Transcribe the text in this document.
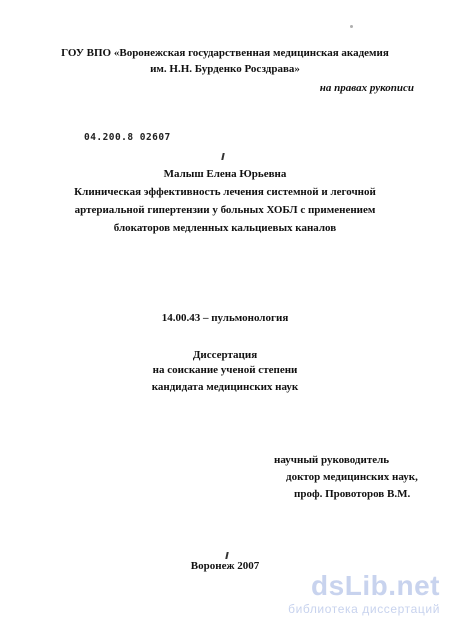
ГОУ ВПО «Воронежская государственная медицинская академия
им. Н.Н. Бурденко Росздрава»
на правах рукописи
04.200.8 02607
Малыш Елена Юрьевна
Клиническая эффективность лечения системной и легочной
артериальной гипертензии у больных ХОБЛ с применением
блокаторов медленных кальциевых каналов
14.00.43 – пульмонология
Диссертация
на соискание ученой степени
кандидата медицинских наук
научный руководитель
доктор медицинских наук,
проф. Провоторов В.М.
Воронеж 2007
dsLib.net
библиотека диссертаций
